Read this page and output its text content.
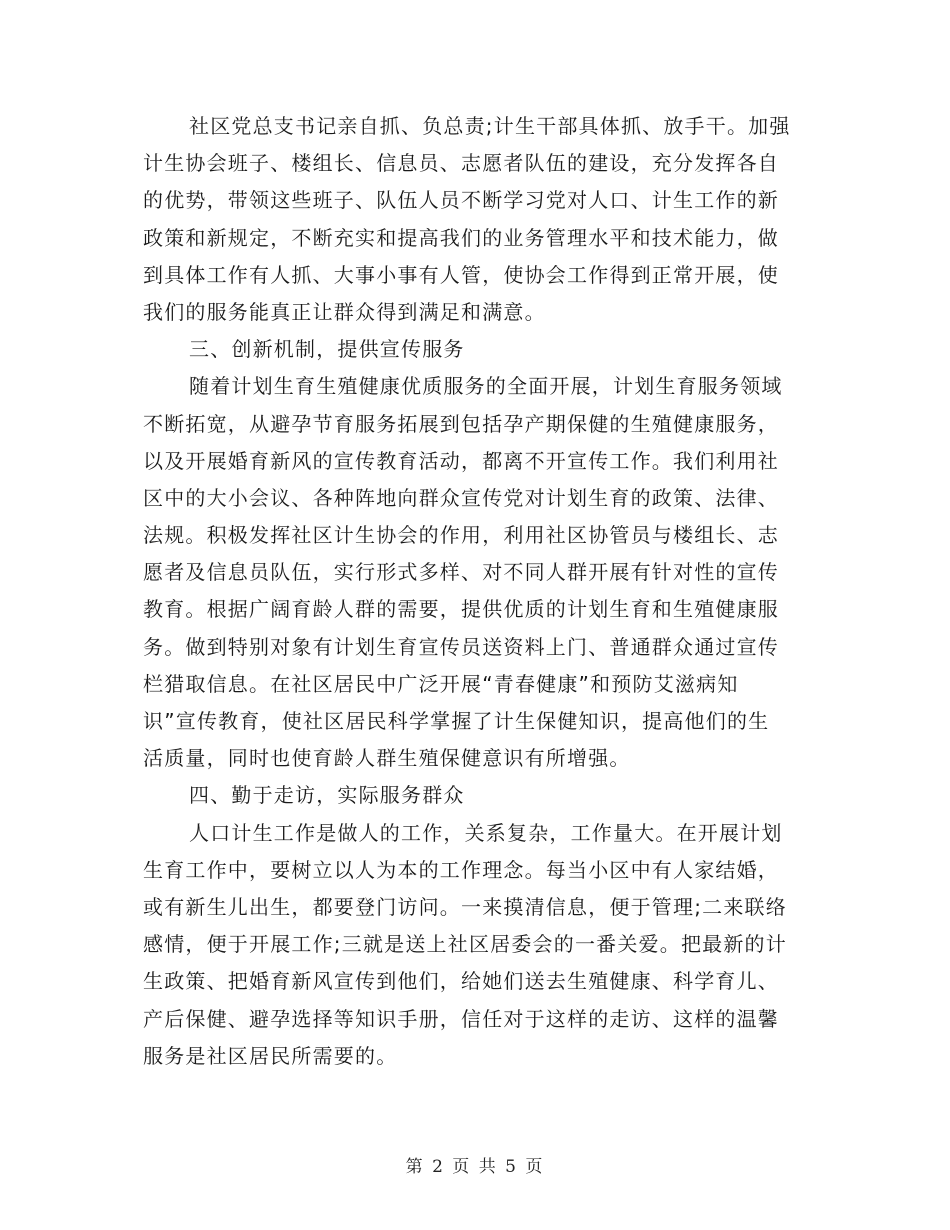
社区党总支书记亲自抓、负总责;计生干部具体抓、放手干。加强
计生协会班子、楼组长、信息员、志愿者队伍的建设，充分发挥各自
的优势，带领这些班子、队伍人员不断学习党对人口、计生工作的新
政策和新规定，不断充实和提高我们的业务管理水平和技术能力，做
到具体工作有人抓、大事小事有人管，使协会工作得到正常开展，使
我们的服务能真正让群众得到满足和满意。
三、创新机制，提供宣传服务
随着计划生育生殖健康优质服务的全面开展，计划生育服务领域
不断拓宽，从避孕节育服务拓展到包括孕产期保健的生殖健康服务，
以及开展婚育新风的宣传教育活动，都离不开宣传工作。我们利用社
区中的大小会议、各种阵地向群众宣传党对计划生育的政策、法律、
法规。积极发挥社区计生协会的作用，利用社区协管员与楼组长、志
愿者及信息员队伍，实行形式多样、对不同人群开展有针对性的宣传
教育。根据广阔育龄人群的需要，提供优质的计划生育和生殖健康服
务。做到特别对象有计划生育宣传员送资料上门、普通群众通过宣传
栏猎取信息。在社区居民中广泛开展“青春健康”和预防艾滋病知
识”宣传教育，使社区居民科学掌握了计生保健知识，提高他们的生
活质量，同时也使育龄人群生殖保健意识有所增强。
四、勤于走访，实际服务群众
人口计生工作是做人的工作，关系复杂，工作量大。在开展计划
生育工作中，要树立以人为本的工作理念。每当小区中有人家结婚，
或有新生儿出生，都要登门访问。一来摸清信息，便于管理;二来联络
感情，便于开展工作;三就是送上社区居委会的一番关爱。把最新的计
生政策、把婚育新风宣传到他们，给她们送去生殖健康、科学育儿、
产后保健、避孕选择等知识手册，信任对于这样的走访、这样的温馨
服务是社区居民所需要的。
第 2 页 共 5 页
